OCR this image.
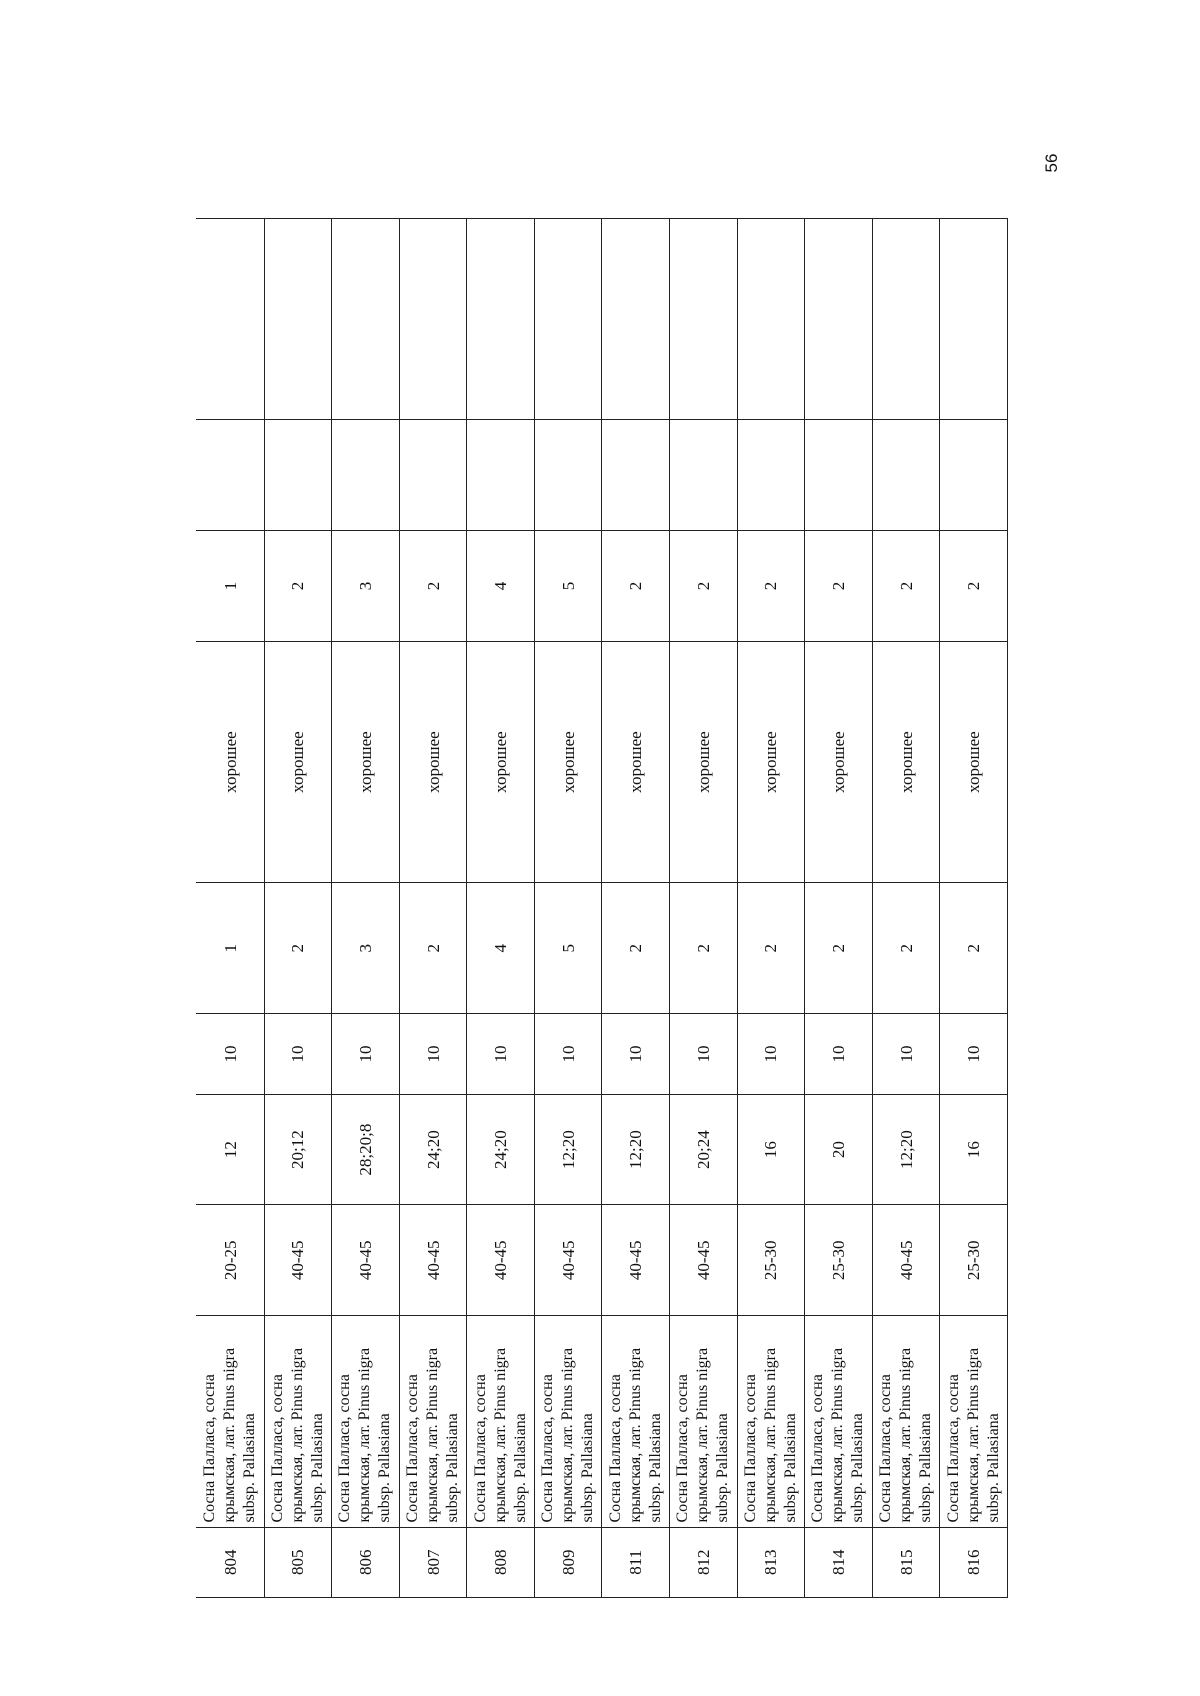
56
804	Сосна Палласа, сосна крымская, лат. Pinus nigra subsp. Pallasiana	20-25	12	10	1	хорошее	1		
805	Сосна Палласа, сосна крымская, лат. Pinus nigra subsp. Pallasiana	40-45	20;12	10	2	хорошее	2		
806	Сосна Палласа, сосна крымская, лат. Pinus nigra subsp. Pallasiana	40-45	28;20;8	10	3	хорошее	3		
807	Сосна Палласа, сосна крымская, лат. Pinus nigra subsp. Pallasiana	40-45	24;20	10	2	хорошее	2		
808	Сосна Палласа, сосна крымская, лат. Pinus nigra subsp. Pallasiana	40-45	24;20	10	4	хорошее	4		
809	Сосна Палласа, сосна крымская, лат. Pinus nigra subsp. Pallasiana	40-45	12;20	10	5	хорошее	5		
811	Сосна Палласа, сосна крымская, лат. Pinus nigra subsp. Pallasiana	40-45	12;20	10	2	хорошее	2		
812	Сосна Палласа, сосна крымская, лат. Pinus nigra subsp. Pallasiana	40-45	20;24	10	2	хорошее	2		
813	Сосна Палласа, сосна крымская, лат. Pinus nigra subsp. Pallasiana	25-30	16	10	2	хорошее	2		
814	Сосна Палласа, сосна крымская, лат. Pinus nigra subsp. Pallasiana	25-30	20	10	2	хорошее	2		
815	Сосна Палласа, сосна крымская, лат. Pinus nigra subsp. Pallasiana	40-45	12;20	10	2	хорошее	2		
816	Сосна Палласа, сосна крымская, лат. Pinus nigra subsp. Pallasiana	25-30	16	10	2	хорошее	2		
